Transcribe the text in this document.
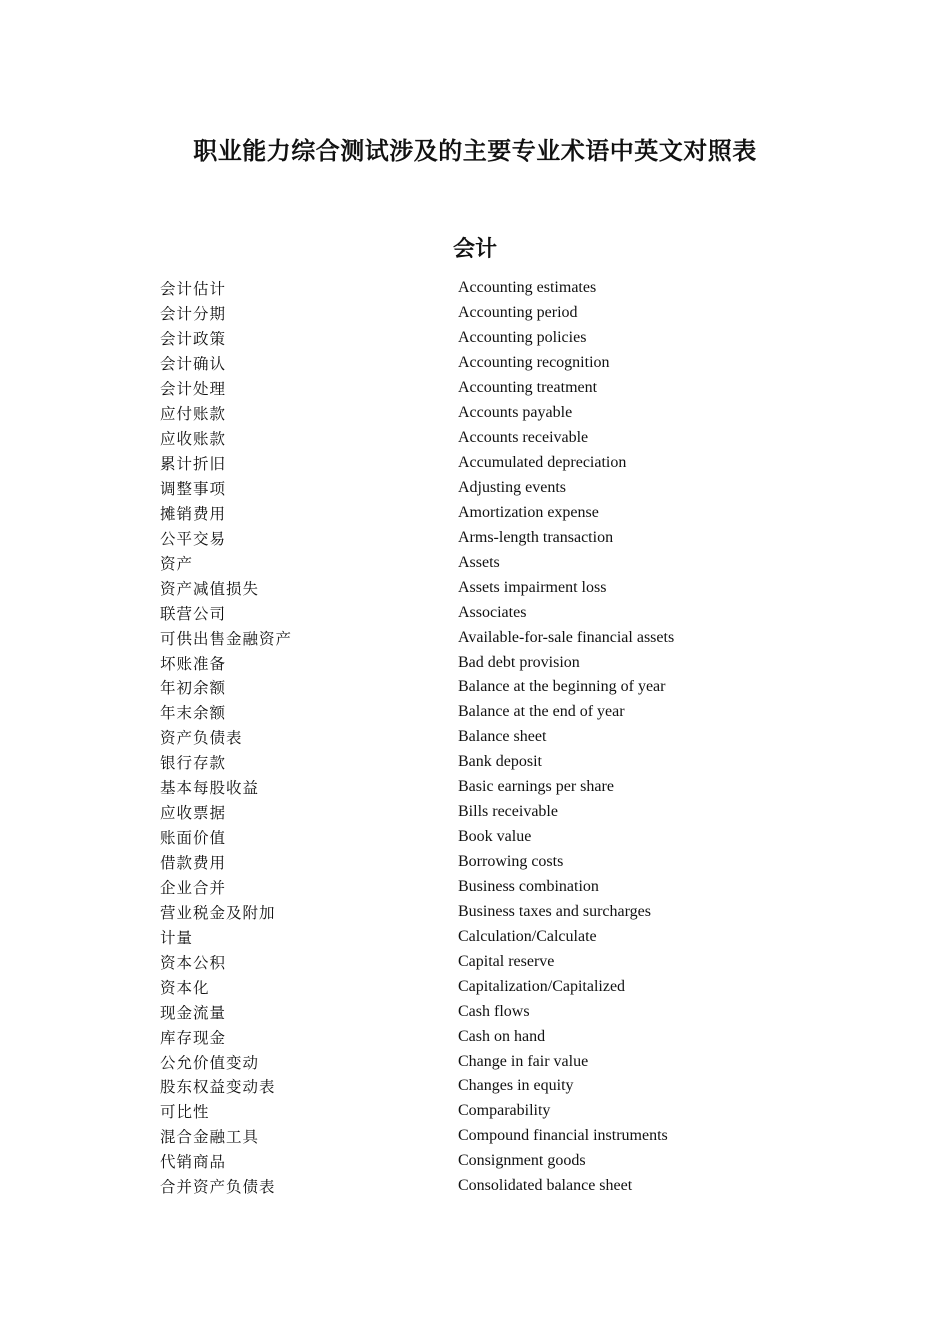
职业能力综合测试涉及的主要专业术语中英文对照表
会计
会计估计	Accounting estimates
会计分期	Accounting period
会计政策	Accounting policies
会计确认	Accounting recognition
会计处理	Accounting treatment
应付账款	Accounts payable
应收账款	Accounts receivable
累计折旧	Accumulated depreciation
调整事项	Adjusting events
摊销费用	Amortization expense
公平交易	Arms-length transaction
资产	Assets
资产减值损失	Assets impairment loss
联营公司	Associates
可供出售金融资产	Available-for-sale financial assets
坏账准备	Bad debt provision
年初余额	Balance at the beginning of year
年末余额	Balance at the end of year
资产负债表	Balance sheet
银行存款	Bank deposit
基本每股收益	Basic earnings per share
应收票据	Bills receivable
账面价值	Book value
借款费用	Borrowing costs
企业合并	Business combination
营业税金及附加	Business taxes and surcharges
计量	Calculation/Calculate
资本公积	Capital reserve
资本化	Capitalization/Capitalized
现金流量	Cash flows
库存现金	Cash on hand
公允价值变动	Change in fair value
股东权益变动表	Changes in equity
可比性	Comparability
混合金融工具	Compound financial instruments
代销商品	Consignment goods
合并资产负债表	Consolidated balance sheet
